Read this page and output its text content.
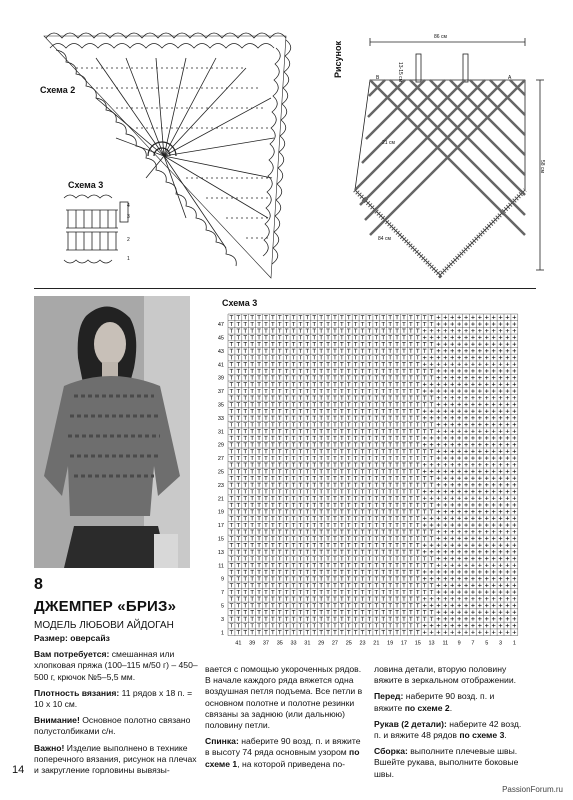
Схема 2
Схема 3
4
3
2
1
Рисунок
86 см
58 см
84 см
21 см
13-15 см	A
B
Схема 3
1
3
5
7
9
11
13
15
17
19
21
23
25
27
29
31
33
35
37
39
41
43
45
47
41 39 37 35 33 31 29 27 25 23 21 19 17 15 13 11 9 7 5 3 1
8
ДЖЕМПЕР «БРИЗ»
МОДЕЛЬ ЛЮБОВИ АЙДОГАН

Размер: оверсайз

Вам потребуется: смешанная или хлопковая пряжа (100–115 м/50 г) – 450–500 г, крючок №5–5,5 мм.

Плотность вязания: 11 рядов x 18 п. = 10 x 10 см.

Внимание! Основное полотно связано полустолбиками с/н.

Важно! Изделие выполнено в технике поперечного вязания, рисунок на плечах и закругление горловины вывязы-

вается с помощью укороченных рядов. В начале каждого ряда вяжется одна воздушная петля подъема. Все петли в основном полотне и полотне резинки связаны за заднюю (или дальнюю) половину петли.

Спинка: наберите 90 возд. п. и вяжите в высоту 74 ряда основным узором по схеме 1, на которой приведена по-

ловина детали, вторую половину вяжите в зеркальном отображении.

Перед: наберите 90 возд. п. и вяжите по схеме 2.

Рукав (2 детали): наберите 42 возд. п. и вяжите 48 рядов по схеме 3.

Сборка: выполните плечевые швы. Вшейте рукава, выполните боковые швы.

14
PassionForum.ru
